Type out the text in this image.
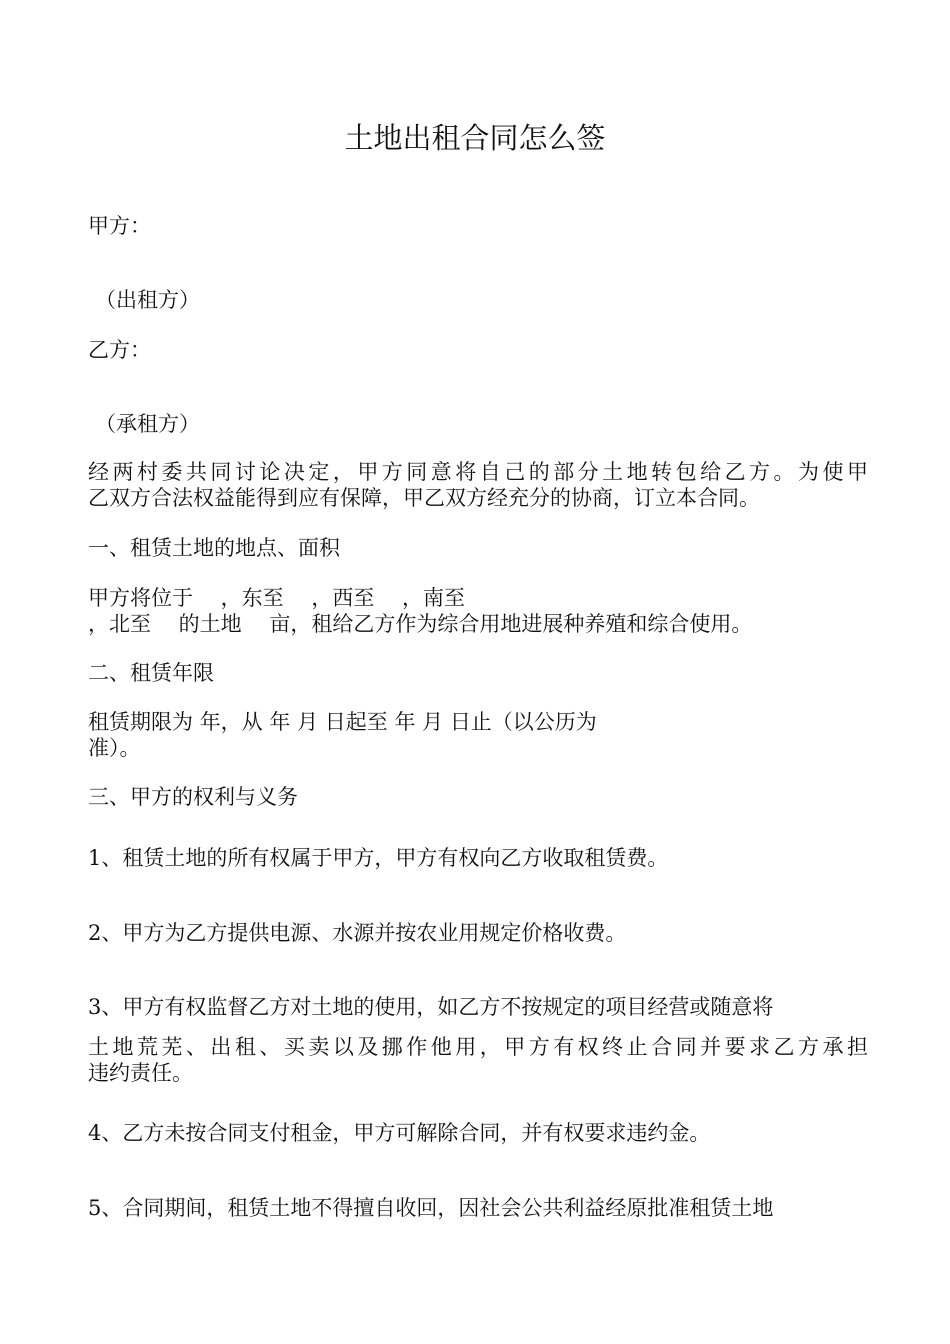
土地出租合同怎么签
甲方：
（出租方）
乙方：
（承租方）
经两村委共同讨论决定，甲方同意将自己的部分土地转包给乙方。为使甲
乙双方合法权益能得到应有保障，甲乙双方经充分的协商，订立本合同。
一、租赁土地的地点、面积
甲方将位于　 ，东至　 ，西至　 ，南至
，北至　 的土地　 亩，租给乙方作为综合用地进展种养殖和综合使用。
二、租赁年限
租赁期限为 年，从 年 月 日起至 年 月 日止（以公历为
准）。
三、甲方的权利与义务
1、租赁土地的所有权属于甲方，甲方有权向乙方收取租赁费。
2、甲方为乙方提供电源、水源并按农业用规定价格收费。
3、甲方有权监督乙方对土地的使用，如乙方不按规定的项目经营或随意将
土地荒芜、出租、买卖以及挪作他用，甲方有权终止合同并要求乙方承担
违约责任。
4、乙方未按合同支付租金，甲方可解除合同，并有权要求违约金。
5、合同期间，租赁土地不得擅自收回，因社会公共利益经原批准租赁土地
